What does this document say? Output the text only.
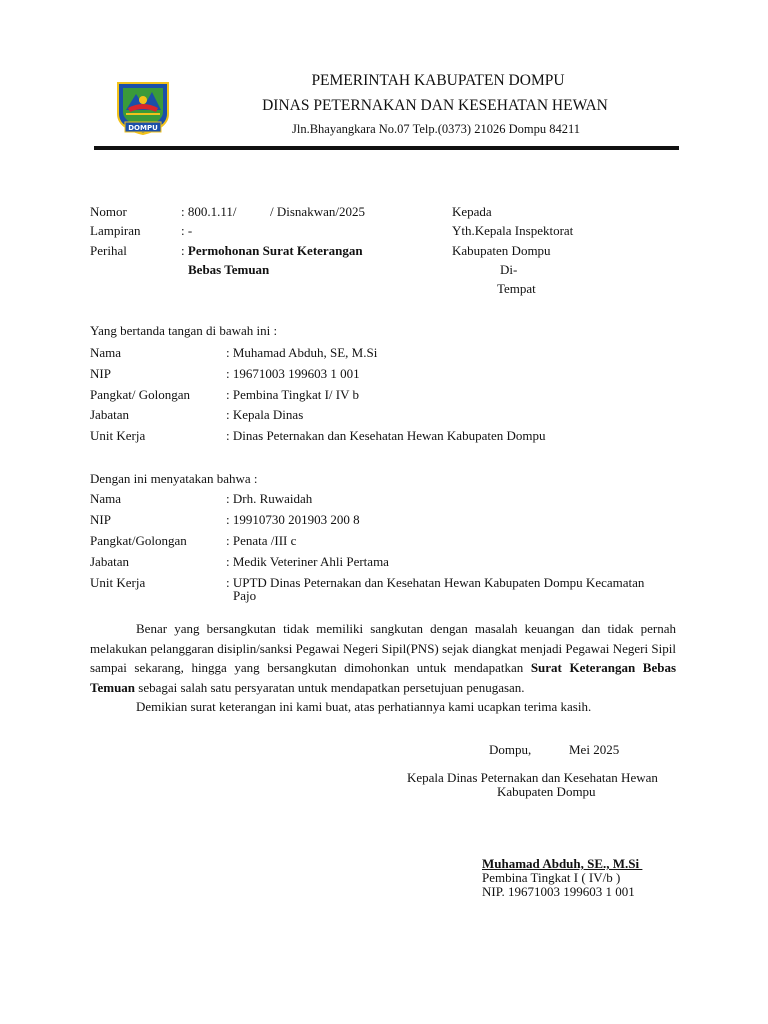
DOMPU
PEMERINTAH KABUPATEN DOMPU
DINAS PETERNAKAN DAN KESEHATAN HEWAN
Jln.Bhayangkara No.07 Telp.(0373) 21026 Dompu 84211
Nomor	: 800.1.11/	/ Disnakwan/2025
Lampiran	: -
Perihal	: Permohonan Surat Keterangan
Bebas Temuan
Kepada
Yth.Kepala Inspektorat
Kabupaten Dompu
Di-
Tempat
Yang bertanda tangan di bawah ini :
Nama	: Muhamad Abduh, SE, M.Si
NIP	: 19671003 199603 1 001
Pangkat/ Golongan	: Pembina Tingkat I/ IV b
Jabatan	: Kepala Dinas
Unit Kerja	: Dinas Peternakan dan Kesehatan Hewan Kabupaten Dompu
Dengan ini menyatakan bahwa :
Nama	: Drh. Ruwaidah
NIP	: 19910730 201903 200 8
Pangkat/Golongan	: Penata /III c
Jabatan	: Medik Veteriner Ahli Pertama
Unit Kerja	: UPTD Dinas Peternakan dan Kesehatan Hewan Kabupaten Dompu Kecamatan
Pajo
Benar yang bersangkutan tidak memiliki sangkutan dengan masalah keuangan dan tidak pernah melakukan pelanggaran disiplin/sanksi Pegawai Negeri Sipil(PNS) sejak diangkat menjadi Pegawai Negeri Sipil sampai sekarang, hingga yang bersangkutan dimohonkan untuk mendapatkan Surat Keterangan Bebas Temuan sebagai salah satu persyaratan untuk mendapatkan persetujuan penugasan.
Demikian surat keterangan ini kami buat, atas perhatiannya kami ucapkan terima kasih.
Dompu,	Mei 2025
Kepala Dinas Peternakan dan Kesehatan Hewan
Kabupaten Dompu
Muhamad Abduh, SE., M.Si
Pembina Tingkat I ( IV/b )
NIP. 19671003 199603 1 001
